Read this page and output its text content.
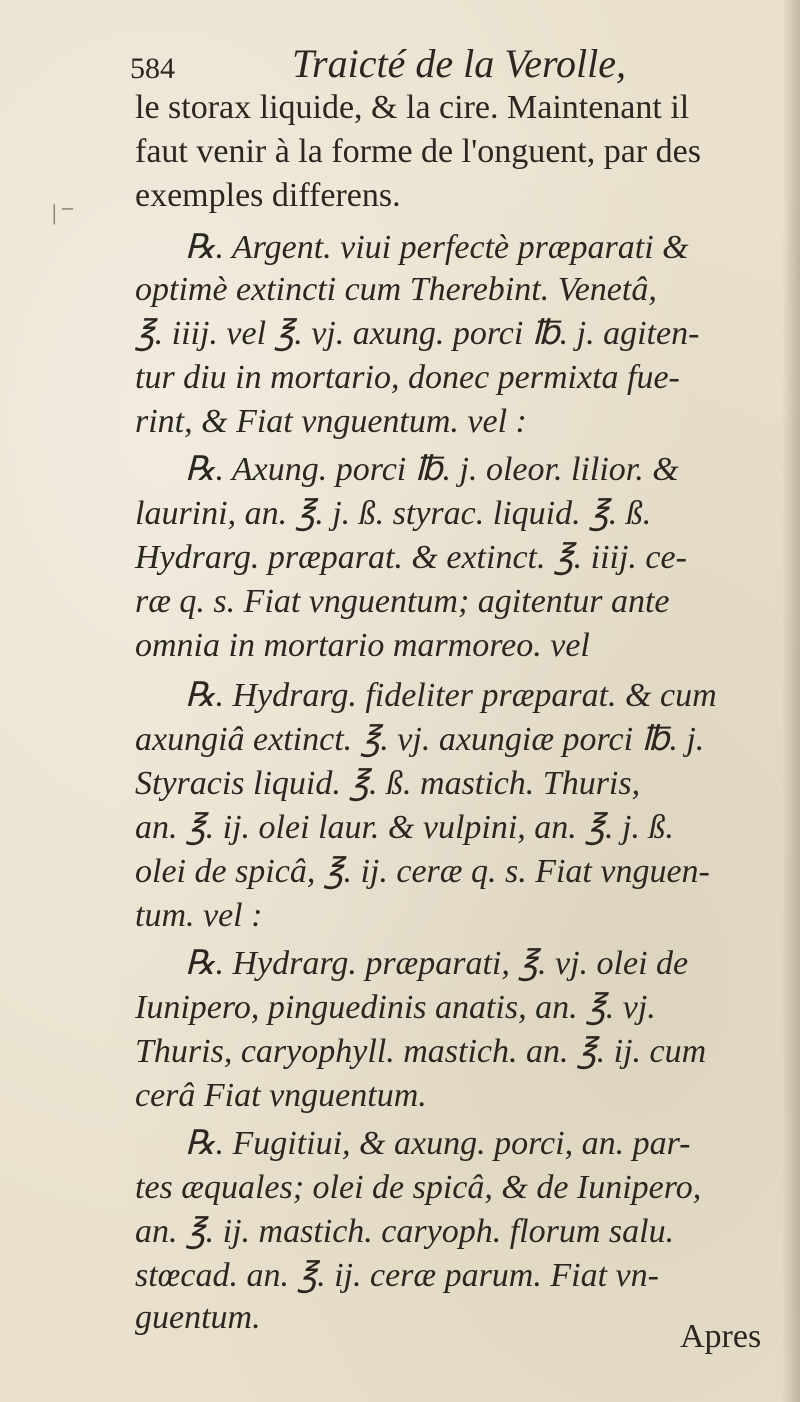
| –
584	Traicté de la Verolle,
le storax liquide, & la cire. Maintenant il
faut venir à la forme de l'onguent, par des
exemples differens.
℞. Argent. viui perfectè præparati &
optimè extincti cum Therebint. Venetâ,
℥. iiij. vel ℥. vj. axung. porci ℔. j. agiten-
tur diu in mortario, donec permixta fue-
rint, & Fiat vnguentum. vel :
℞. Axung. porci ℔. j. oleor. lilior. &
laurini, an. ℥. j. ß. styrac. liquid. ℥. ß.
Hydrarg. præparat. & extinct. ℥. iiij. ce-
ræ q. s. Fiat vnguentum; agitentur ante
omnia in mortario marmoreo. vel
℞. Hydrarg. fideliter præparat. & cum
axungiâ extinct. ℥. vj. axungiæ porci ℔. j.
Styracis liquid. ℥. ß. mastich. Thuris,
an. ℥. ij. olei laur. & vulpini, an. ℥. j. ß.
olei de spicâ, ℥. ij. ceræ q. s. Fiat vnguen-
tum. vel :
℞. Hydrarg. præparati, ℥. vj. olei de
Iunipero, pinguedinis anatis, an. ℥. vj.
Thuris, caryophyll. mastich. an. ℥. ij. cum
cerâ Fiat vnguentum.
℞. Fugitiui, & axung. porci, an. par-
tes æquales; olei de spicâ, & de Iunipero,
an. ℥. ij. mastich. caryoph. florum salu.
stœcad. an. ℥. ij. ceræ parum. Fiat vn-
guentum.
Apres
